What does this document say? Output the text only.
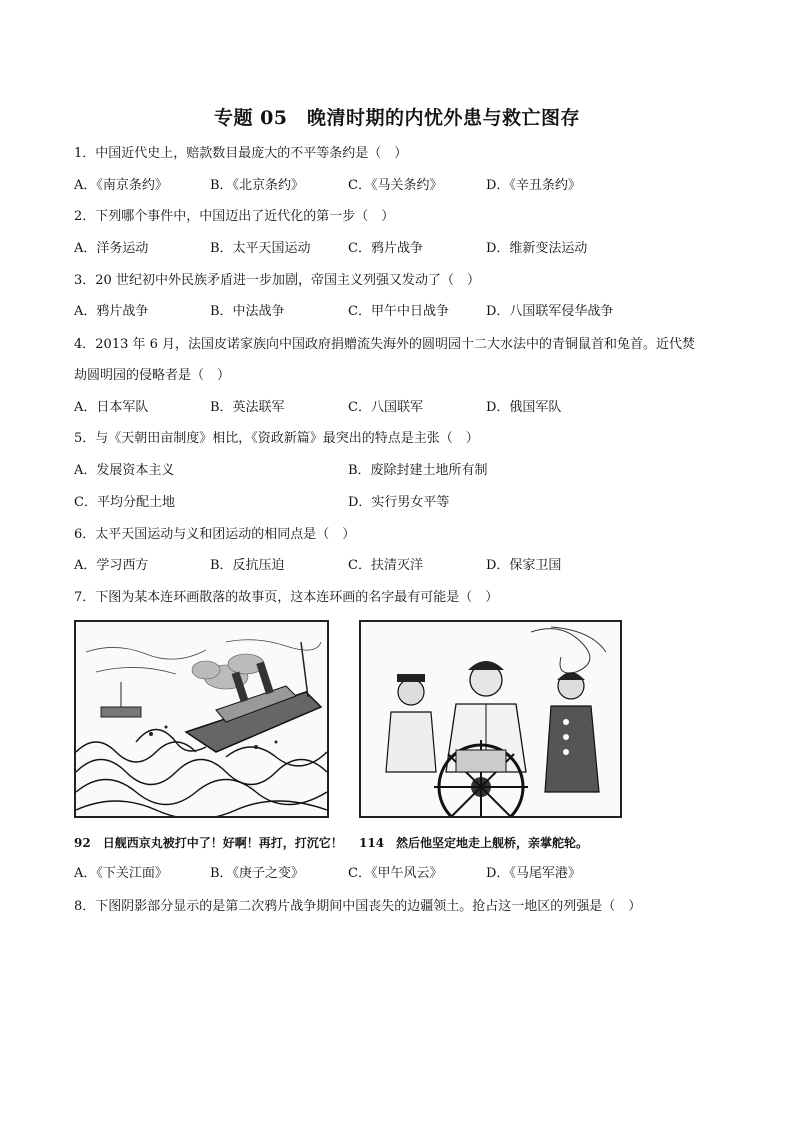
专题 05　晚清时期的内忧外患与救亡图存
1．中国近代史上，赔款数目最庞大的不平等条约是（　）
A．《南京条约》	B．《北京条约》	C．《马关条约》	D．《辛丑条约》
2．下列哪个事件中，中国迈出了近代化的第一步（　）
A．洋务运动	B．太平天国运动	C．鸦片战争	D．维新变法运动
3．20 世纪初中外民族矛盾进一步加剧，帝国主义列强又发动了（　）
A．鸦片战争	B．中法战争	C．甲午中日战争	D．八国联军侵华战争
4．2013 年 6 月，法国皮诺家族向中国政府捐赠流失海外的圆明园十二大水法中的青铜鼠首和兔首。近代焚
劫圆明园的侵略者是（　）
A．日本军队	B．英法联军	C．八国联军	D．俄国军队
5．与《天朝田亩制度》相比，《资政新篇》最突出的特点是主张（　）
A．发展资本主义	B．废除封建土地所有制
C．平均分配土地	D．实行男女平等
6．太平天国运动与义和团运动的相同点是（　）
A．学习西方	B．反抗压迫	C．扶清灭洋	D．保家卫国
7．下图为某本连环画散落的故事页，这本连环画的名字最有可能是（　）
92　日舰西京丸被打中了！好啊！再打，打沉它！ 114　然后他坚定地走上舰桥，亲掌舵轮。
A．《下关江面》	B．《庚子之变》	C．《甲午风云》	D．《马尾军港》
8．下图阴影部分显示的是第二次鸦片战争期间中国丧失的边疆领土。抢占这一地区的列强是（　）
